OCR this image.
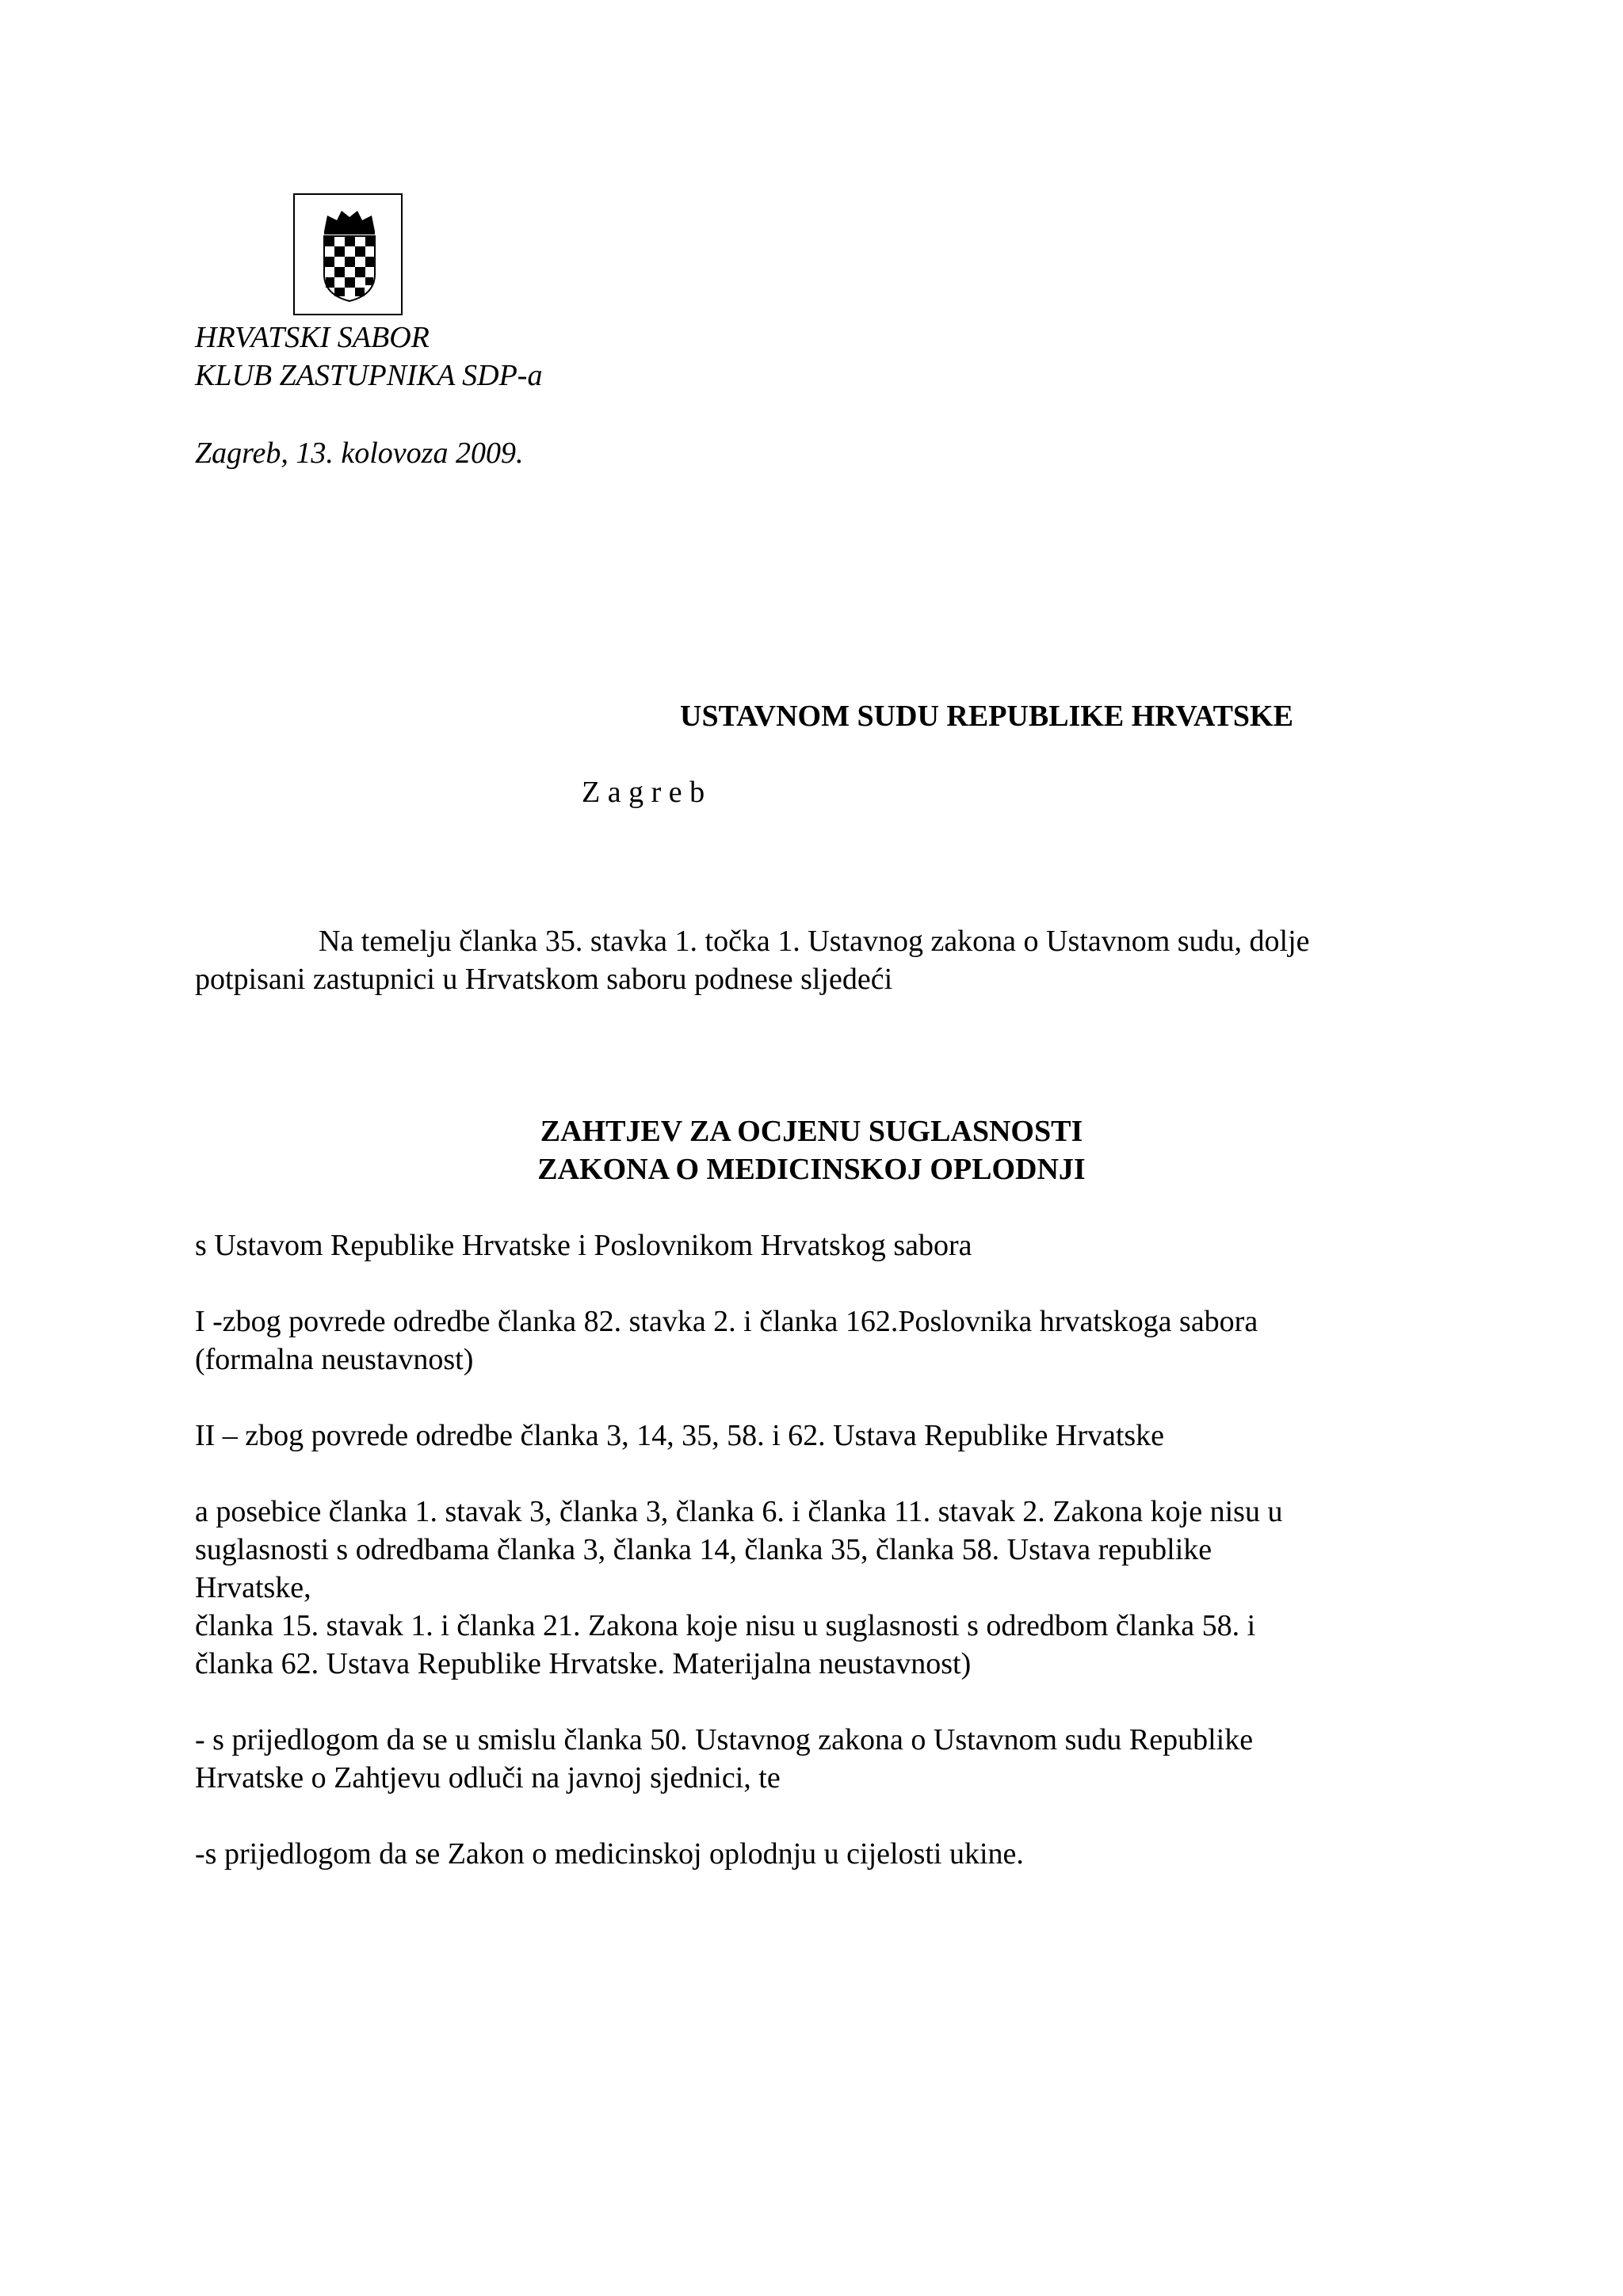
HRVATSKI SABOR
KLUB ZASTUPNIKA SDP-a
Zagreb, 13. kolovoza 2009.
USTAVNOM SUDU REPUBLIKE HRVATSKE
Z a g r e b
Na temelju članka 35. stavka 1. točka 1. Ustavnog zakona o Ustavnom sudu, dolje
potpisani zastupnici u Hrvatskom saboru podnese sljedeći
ZAHTJEV ZA OCJENU SUGLASNOSTI
ZAKONA O MEDICINSKOJ OPLODNJI
s Ustavom Republike Hrvatske i Poslovnikom Hrvatskog sabora
I -zbog povrede odredbe članka 82. stavka 2. i članka 162.Poslovnika hrvatskoga sabora
(formalna neustavnost)
II – zbog povrede odredbe članka 3, 14, 35, 58. i 62. Ustava Republike Hrvatske
a posebice članka 1. stavak 3, članka 3, članka 6. i članka 11. stavak 2. Zakona koje nisu u
suglasnosti s odredbama članka 3, članka 14, članka 35, članka 58. Ustava republike
Hrvatske,
članka 15. stavak 1. i članka 21. Zakona koje nisu u suglasnosti s odredbom članka 58. i
članka 62. Ustava Republike Hrvatske. Materijalna neustavnost)
- s prijedlogom da se u smislu članka 50. Ustavnog zakona o Ustavnom sudu Republike
Hrvatske o Zahtjevu odluči na javnoj sjednici, te
-s prijedlogom da se Zakon o medicinskoj oplodnju u cijelosti ukine.
